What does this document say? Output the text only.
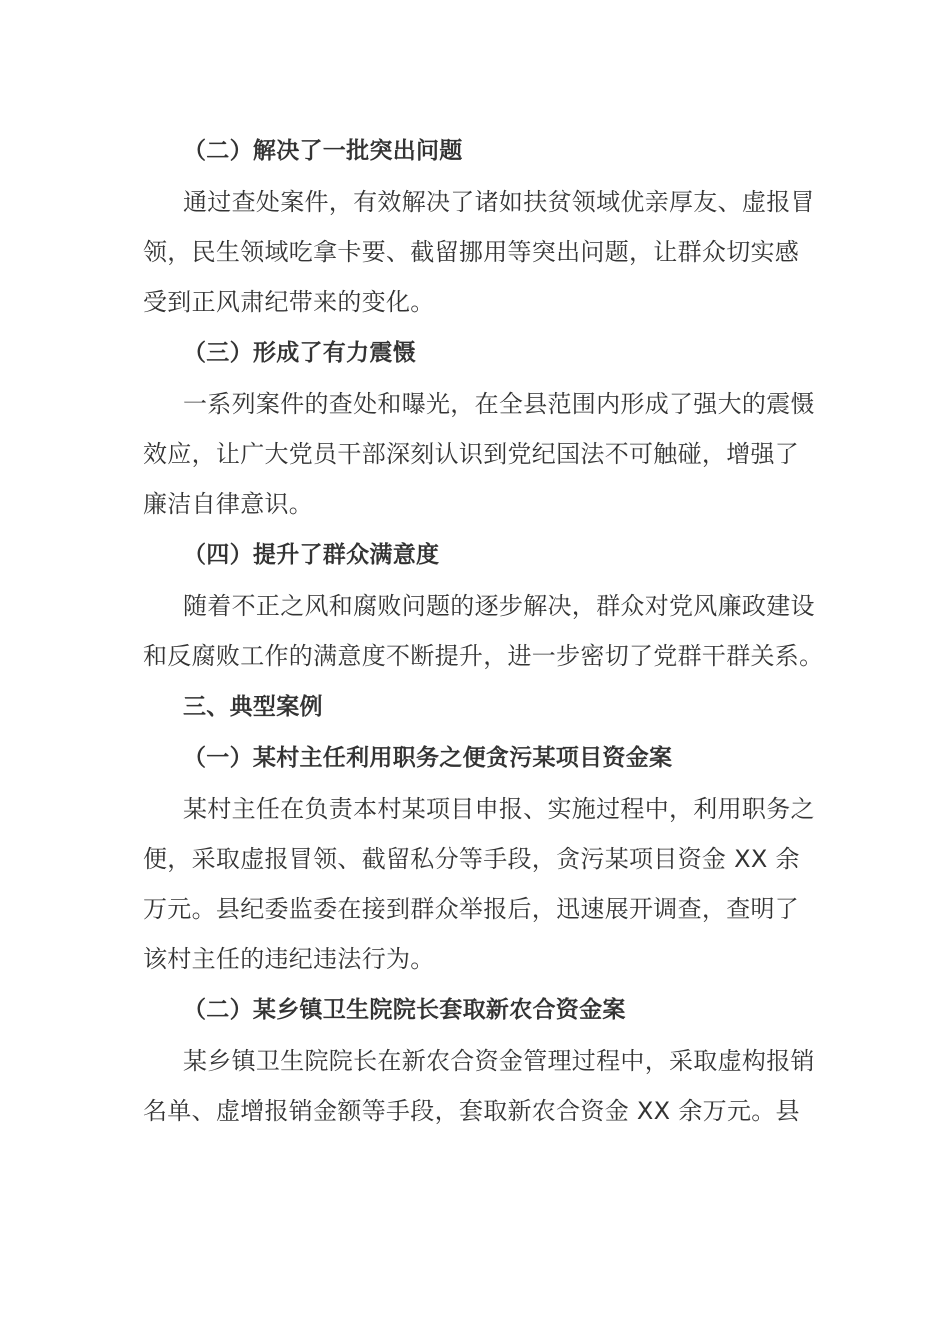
（二）解决了一批突出问题
通过查处案件，有效解决了诸如扶贫领域优亲厚友、虚报冒
领，民生领域吃拿卡要、截留挪用等突出问题，让群众切实感
受到正风肃纪带来的变化。
（三）形成了有力震慑
一系列案件的查处和曝光，在全县范围内形成了强大的震慑
效应，让广大党员干部深刻认识到党纪国法不可触碰，增强了
廉洁自律意识。
（四）提升了群众满意度
随着不正之风和腐败问题的逐步解决，群众对党风廉政建设
和反腐败工作的满意度不断提升，进一步密切了党群干群关系。
三、典型案例
（一）某村主任利用职务之便贪污某项目资金案
某村主任在负责本村某项目申报、实施过程中，利用职务之
便，采取虚报冒领、截留私分等手段，贪污某项目资金 XX 余
万元。县纪委监委在接到群众举报后，迅速展开调查，查明了
该村主任的违纪违法行为。
（二）某乡镇卫生院院长套取新农合资金案
某乡镇卫生院院长在新农合资金管理过程中，采取虚构报销
名单、虚增报销金额等手段，套取新农合资金 XX 余万元。县
